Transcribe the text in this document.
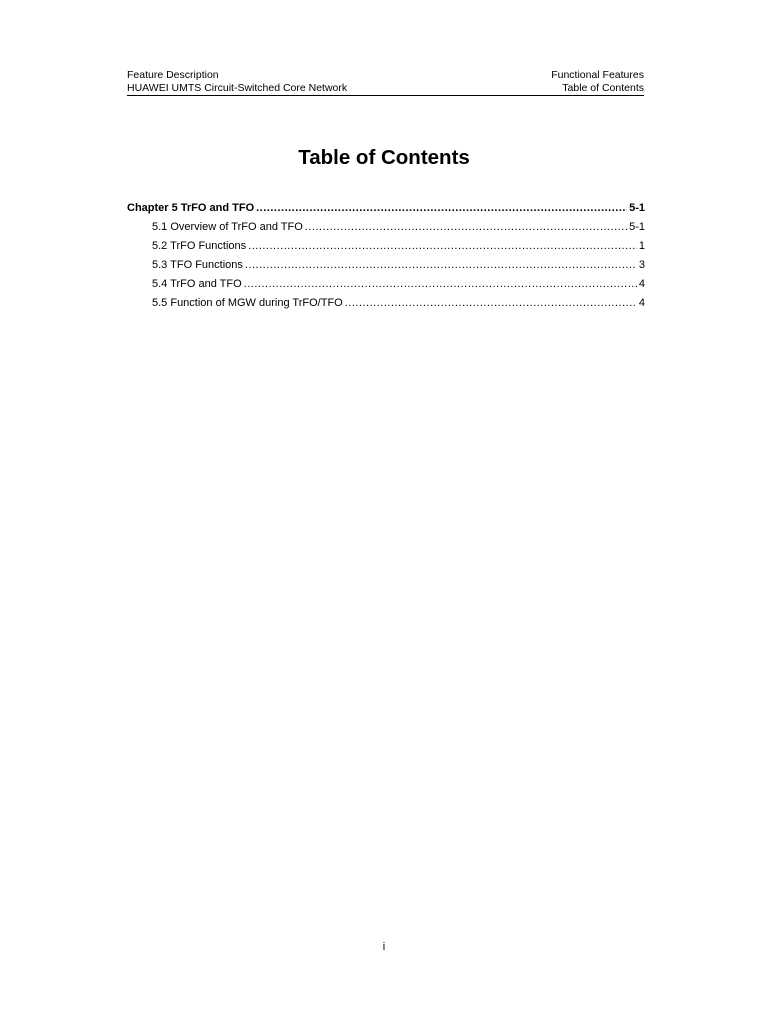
Feature Description
HUAWEI UMTS Circuit-Switched Core Network
Functional Features
Table of Contents
Table of Contents
Chapter 5 TrFO and TFO .....	5-1
5.1 Overview of TrFO and TFO .....	5-1
5.2 TrFO Functions .....	1
5.3 TFO Functions .....	3
5.4 TrFO and TFO .....	4
5.5 Function of MGW during TrFO/TFO .....	4
i
